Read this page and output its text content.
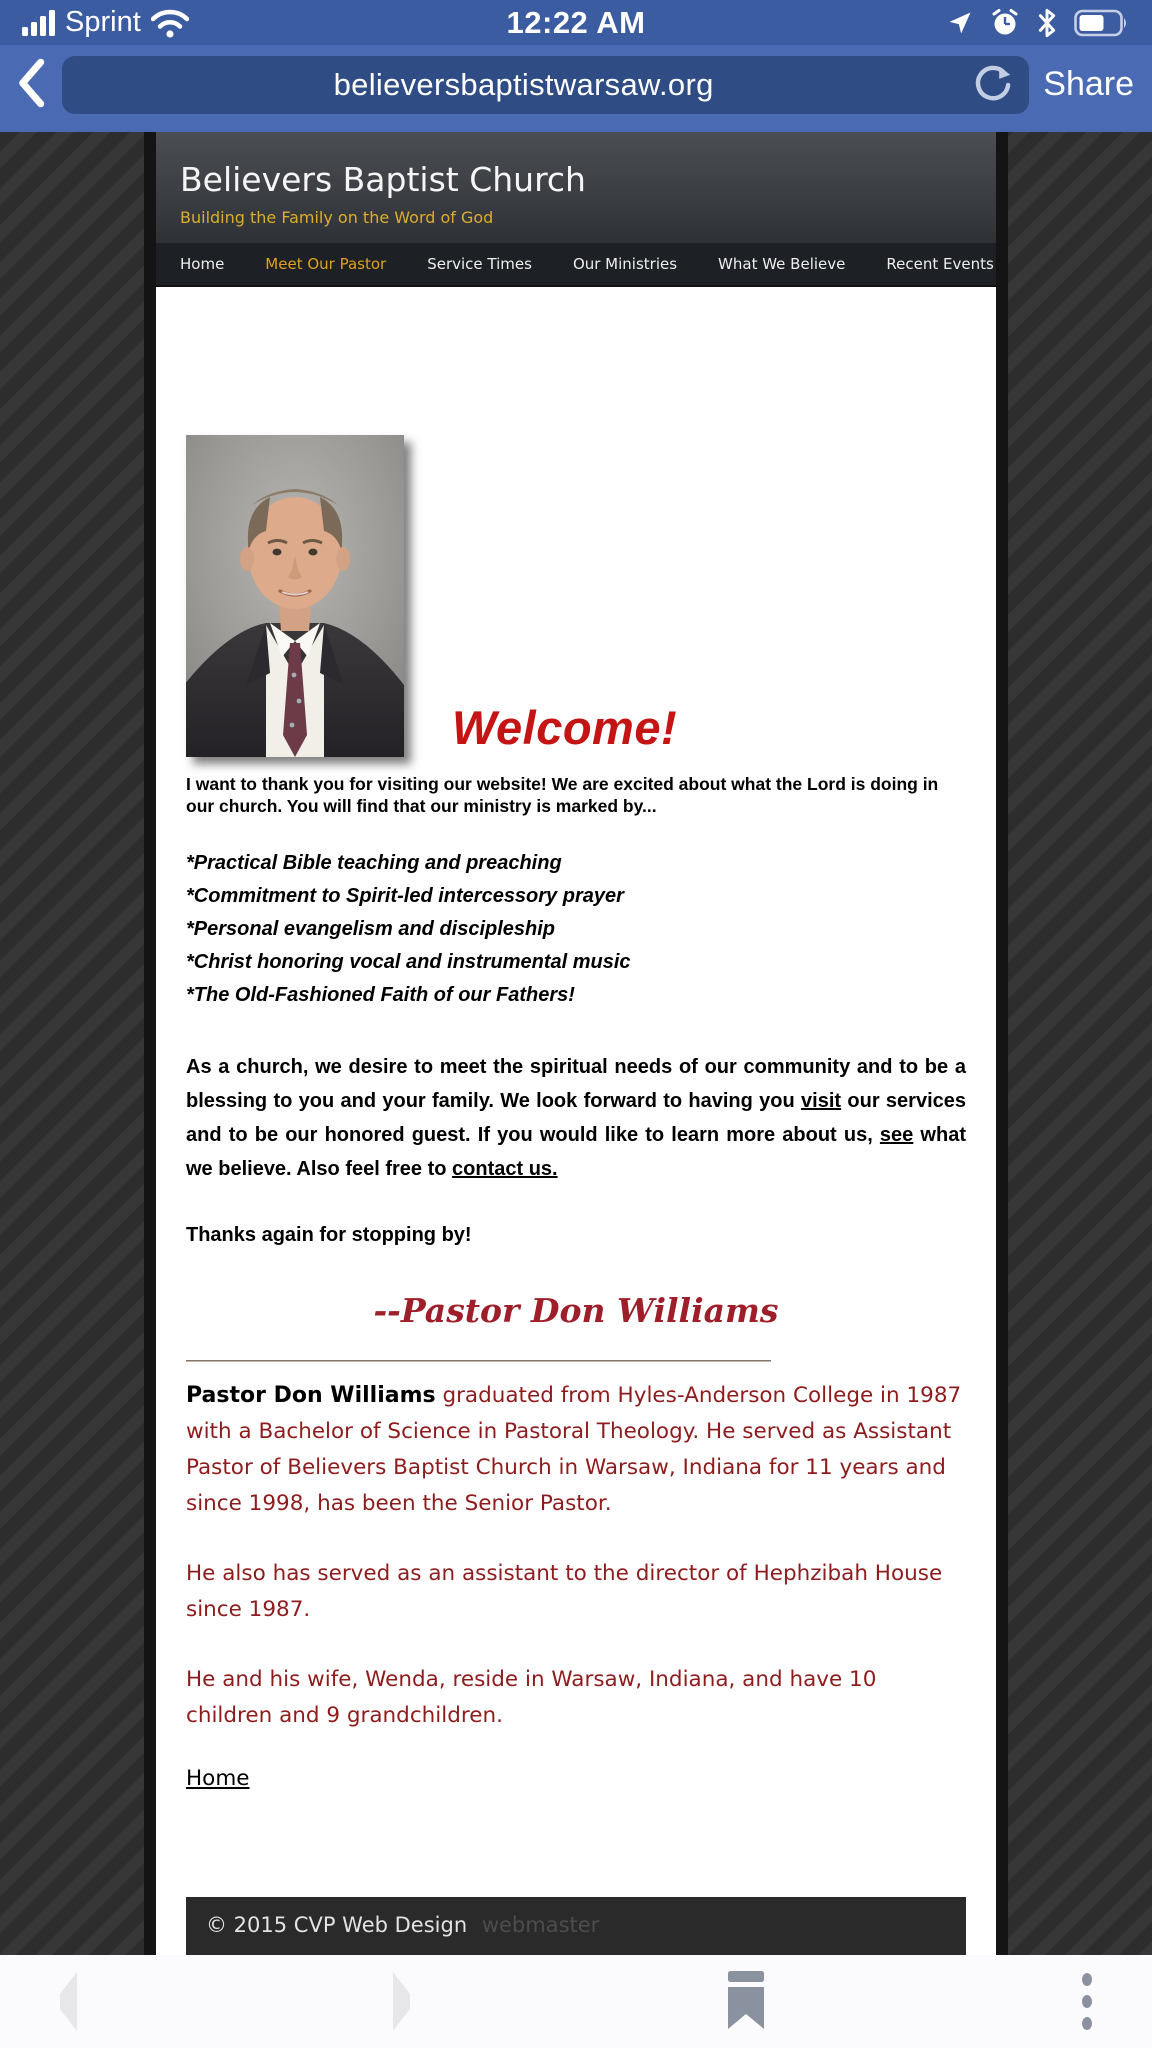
Sprint	12:22 AM
believersbaptistwarsaw.org	Share
Believers Baptist Church
Building the Family on the Word of God
Home	Meet Our Pastor	Service Times	Our Ministries	What We Believe	Recent Events
Welcome!

I want to thank you for visiting our website! We are excited about what the Lord is doing in our church. You will find that our ministry is marked by...

*Practical Bible teaching and preaching
*Commitment to Spirit-led intercessory prayer
*Personal evangelism and discipleship
*Christ honoring vocal and instrumental music
*The Old-Fashioned Faith of our Fathers!

As a church, we desire to meet the spiritual needs of our community and to be a blessing to you and your family. We look forward to having you visit our services and to be our honored guest. If you would like to learn more about us, see what we believe. Also feel free to contact us.

Thanks again for stopping by!

--Pastor Don Williams

Pastor Don Williams graduated from Hyles-Anderson College in 1987 with a Bachelor of Science in Pastoral Theology. He served as Assistant Pastor of Believers Baptist Church in Warsaw, Indiana for 11 years and since 1998, has been the Senior Pastor.

He also has served as an assistant to the director of Hephzibah House since 1987.

He and his wife, Wenda, reside in Warsaw, Indiana, and have 10 children and 9 grandchildren.

Home
© 2015 CVP Web Design webmaster
